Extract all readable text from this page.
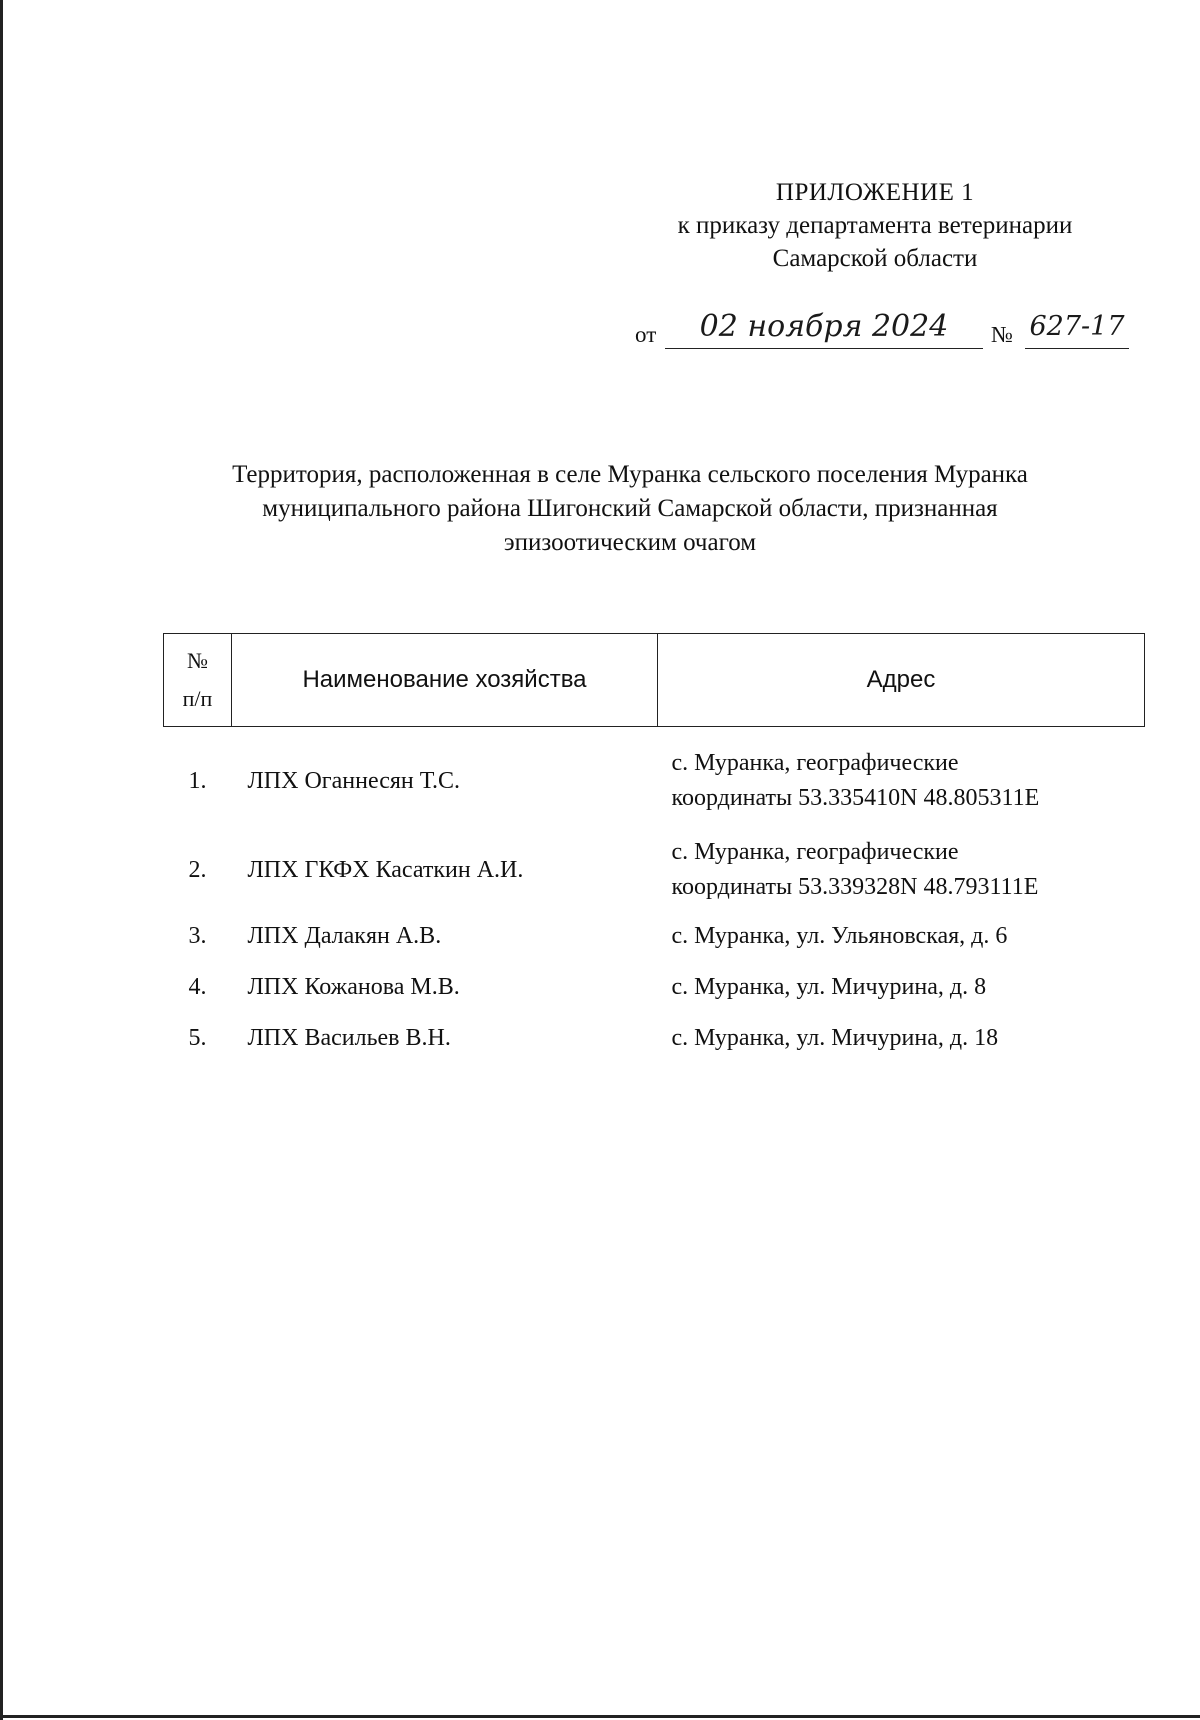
ПРИЛОЖЕНИЕ 1
к приказу департамента ветеринарии
Самарской области
от	02 ноября 2024	№ 627-17
Территория, расположенная в селе Муранка сельского поселения Муранка
муниципального района Шигонский Самарской области, признанная
эпизоотическим очагом
№
п/п	Наименование хозяйства	Адрес
1.	ЛПХ Оганнесян Т.С.	с. Муранка, географические
координаты 53.335410N 48.805311E

2.	ЛПХ ГКФХ Касаткин А.И.	с. Муранка, географические
координаты 53.339328N 48.793111E

3.	ЛПХ Далакян А.В.	с. Муранка, ул. Ульяновская, д. 6
4.	ЛПХ Кожанова М.В.	с. Муранка, ул. Мичурина, д. 8
5.	ЛПХ Васильев В.Н.	с. Муранка, ул. Мичурина, д. 18
